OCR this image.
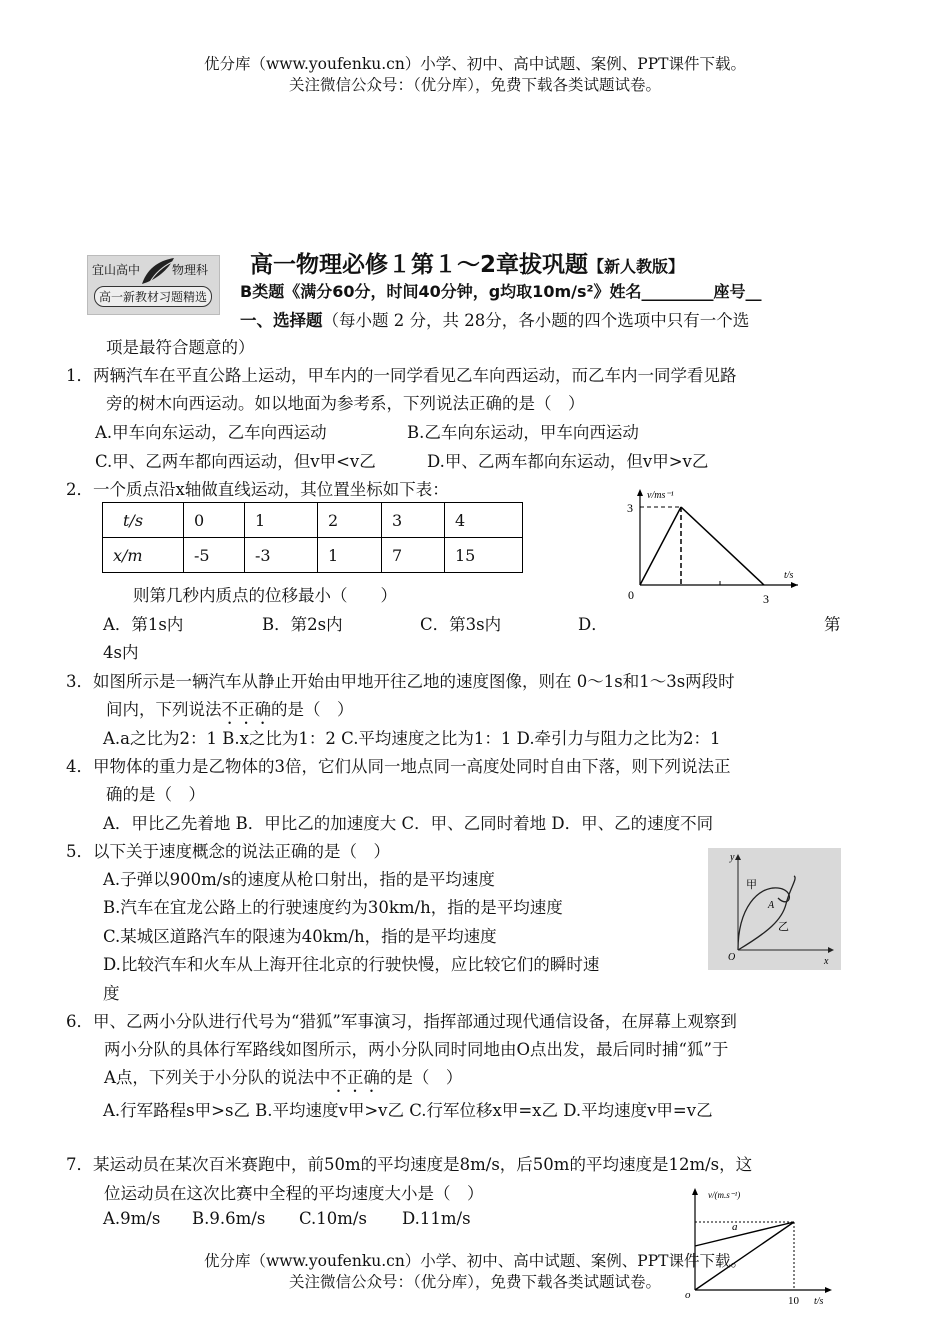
优分库（www.youfenku.cn）小学、初中、高中试题、案例、PPT课件下载。
关注微信公众号：（优分库），免费下载各类试题试卷。
宜山高中	物理科
高一新教材习题精选
高一物理必修１第１～2章拔巩题【新人教版】
B类题《满分60分，时间40分钟，g均取10m/s²》姓名_________座号__
一、选择题（每小题 2 分，共 28分，各小题的四个选项中只有一个选
项是最符合题意的）
1．两辆汽车在平直公路上运动，甲车内的一同学看见乙车向西运动，而乙车内一同学看见路
旁的树木向西运动。如以地面为参考系，下列说法正确的是（　）
A.甲车向东运动，乙车向西运动	B.乙车向东运动，甲车向西运动
C.甲、乙两车都向西运动，但v甲<v乙	D.甲、乙两车都向东运动，但v甲>v乙
2．一个质点沿x轴做直线运动，其位置坐标如下表：
t/s	0	1	2	3	4
x/m	-5	-3	1	7	15
则第几秒内质点的位移最小（　　）
A．第1s内	B．第2s内	C．第3s内	D．	第
4s内
v/ms⁻¹
t/s
3
0	3
3．如图所示是一辆汽车从静止开始由甲地开往乙地的速度图像，则在 0～1s和1～3s两段时
间内，下列说法不正确的是（　）
A.a之比为2：1 B.x之比为1：2 C.平均速度之比为1：1 D.牵引力与阻力之比为2：1
4．甲物体的重力是乙物体的3倍，它们从同一地点同一高度处同时自由下落，则下列说法正
确的是（　）
A．甲比乙先着地 B．甲比乙的加速度大 C．甲、乙同时着地 D．甲、乙的速度不同
5．以下关于速度概念的说法正确的是（　）
A.子弹以900m/s的速度从枪口射出，指的是平均速度
B.汽车在宜龙公路上的行驶速度约为30km/h，指的是平均速度
C.某城区道路汽车的限速为40km/h，指的是平均速度
D.比较汽车和火车从上海开往北京的行驶快慢，应比较它们的瞬时速
度
y
x
O
甲
乙
A
6．甲、乙两小分队进行代号为“猎狐”军事演习，指挥部通过现代通信设备，在屏幕上观察到
两小分队的具体行军路线如图所示，两小分队同时同地由O点出发，最后同时捕“狐”于
A点，下列关于小分队的说法中不正确的是（　）
A.行军路程s甲>s乙 B.平均速度v甲>v乙 C.行军位移x甲=x乙 D.平均速度v甲=v乙
7．某运动员在某次百米赛跑中，前50m的平均速度是8m/s，后50m的平均速度是12m/s，这
位运动员在这次比赛中全程的平均速度大小是（　）
A.9m/s B.9.6m/s C.10m/s D.11m/s
v/(m.s⁻¹)
a
o	10 t/s
优分库（www.youfenku.cn）小学、初中、高中试题、案例、PPT课件下载。
关注微信公众号：（优分库），免费下载各类试题试卷。
